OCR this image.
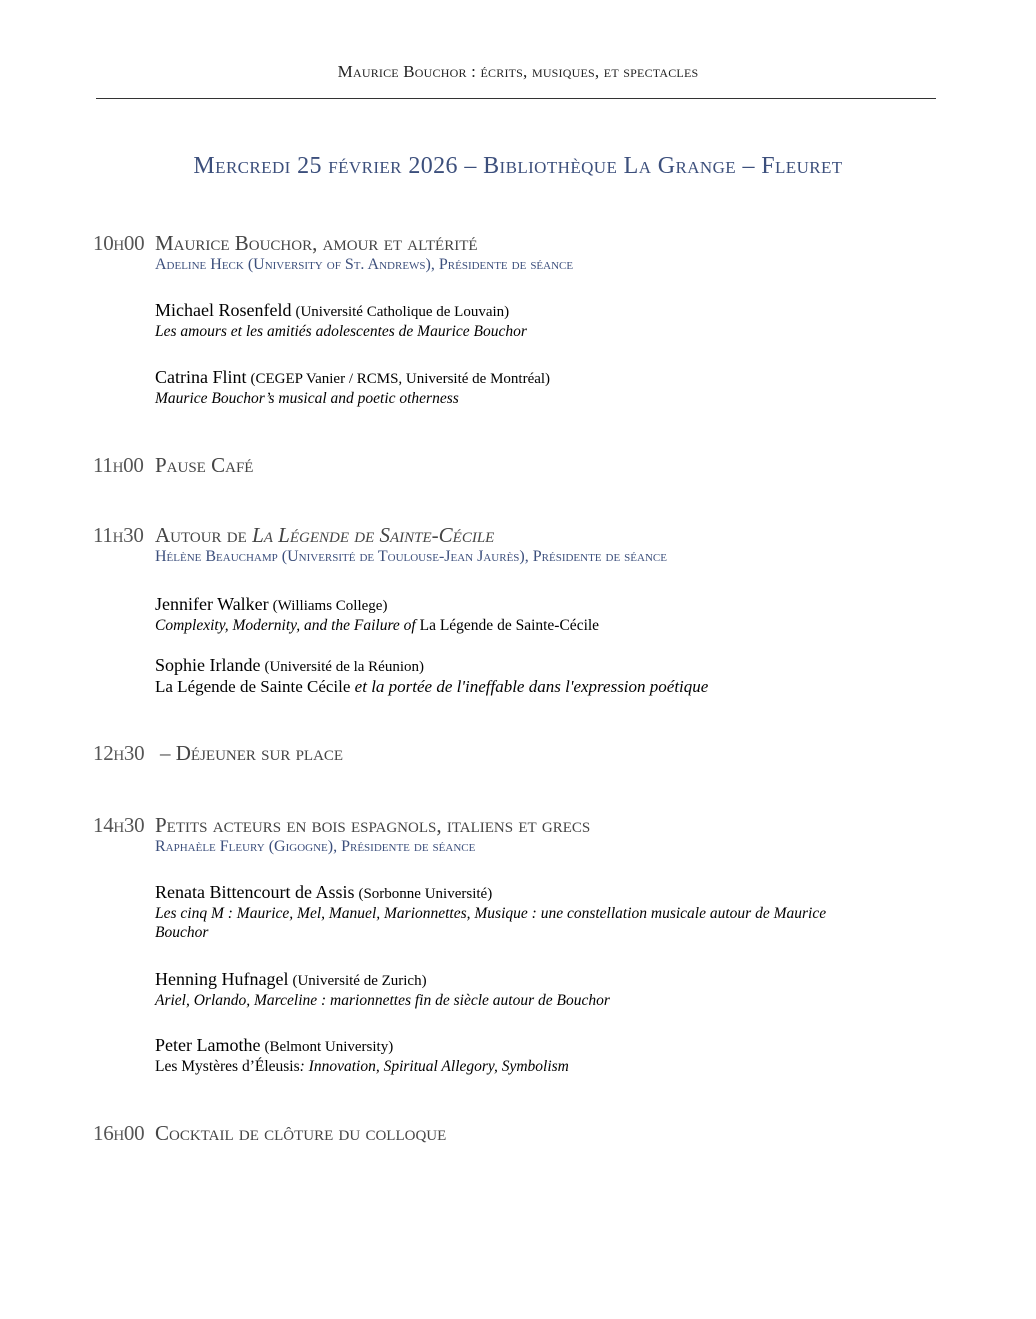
Maurice Bouchor : écrits, musiques, et spectacles
Mercredi 25 février 2026 – Bibliothèque La Grange – Fleuret
10h00 Maurice Bouchor, amour et altérité
Adeline Heck (University of St. Andrews), Présidente de séance
Michael Rosenfeld (Université Catholique de Louvain)
Les amours et les amitiés adolescentes de Maurice Bouchor
Catrina Flint (CEGEP Vanier / RCMS, Université de Montréal)
Maurice Bouchor’s musical and poetic otherness
11h00 Pause Café
11h30 Autour de La Légende de Sainte-Cécile
Hélène Beauchamp (Université de Toulouse-Jean Jaurès), Présidente de séance
Jennifer Walker (Williams College)
Complexity, Modernity, and the Failure of La Légende de Sainte-Cécile
Sophie Irlande (Université de la Réunion)
La Légende de Sainte Cécile et la portée de l'ineffable dans l'expression poétique
12h30 – Déjeuner sur place
14h30 Petits acteurs en bois espagnols, italiens et grecs
Raphaèle Fleury (Gigogne), Présidente de séance
Renata Bittencourt de Assis (Sorbonne Université)
Les cinq M : Maurice, Mel, Manuel, Marionnettes, Musique : une constellation musicale autour de Maurice
Bouchor
Henning Hufnagel (Université de Zurich)
Ariel, Orlando, Marceline : marionnettes fin de siècle autour de Bouchor
Peter Lamothe (Belmont University)
Les Mystères d’Éleusis: Innovation, Spiritual Allegory, Symbolism
16h00 Cocktail de clôture du colloque
